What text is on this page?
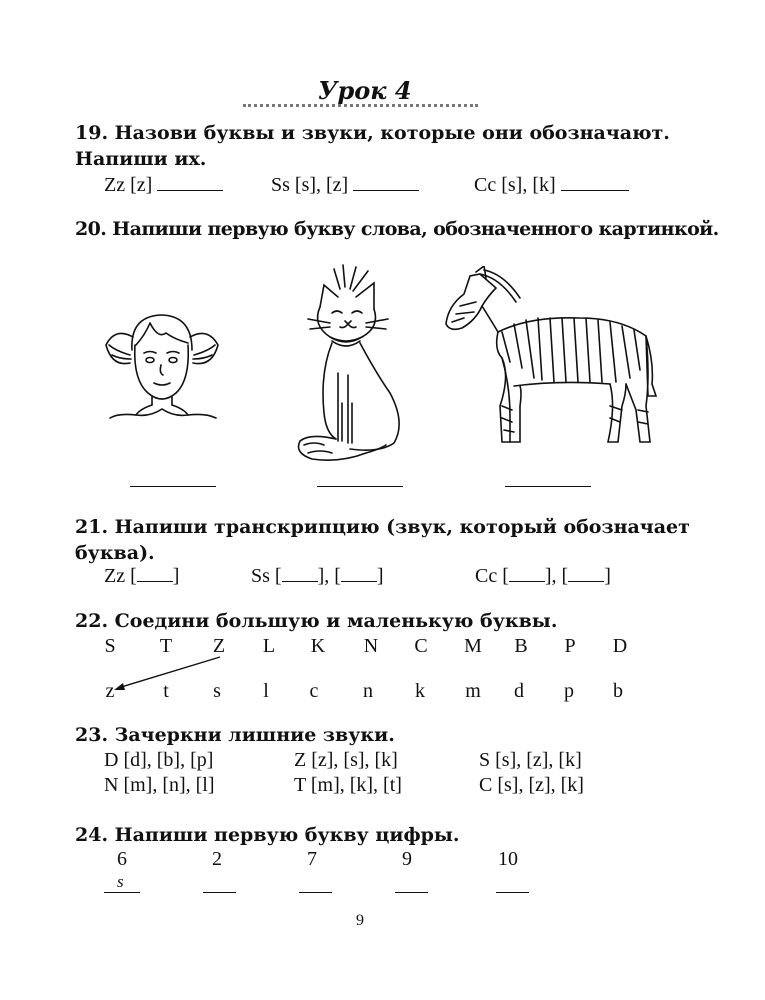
Урок 4
19. Назови буквы и звуки, которые они обозначают.
Напиши их.
Zz [z]	Ss [s], [z]	Cc [s], [k]
20. Напиши первую букву слова, обозначенного картинкой.
21. Напиши транскрипцию (звук, который обозначает
буква).
Zz [ ]	Ss [ ], [ ]	Cc [ ], [ ]
22. Соедини большую и маленькую буквы.
S	T Z L K N C M B	P	D
z	t	s	l	c	n	k	m	d	p	b
23. Зачеркни лишние звуки.
D [d], [b], [p]	Z [z], [s], [k]	S [s], [z], [k]
N [m], [n], [l]	T [m], [k], [t]	C [s], [z], [k]
24. Напиши первую букву цифры.
6	2	7	9	10
s
9
